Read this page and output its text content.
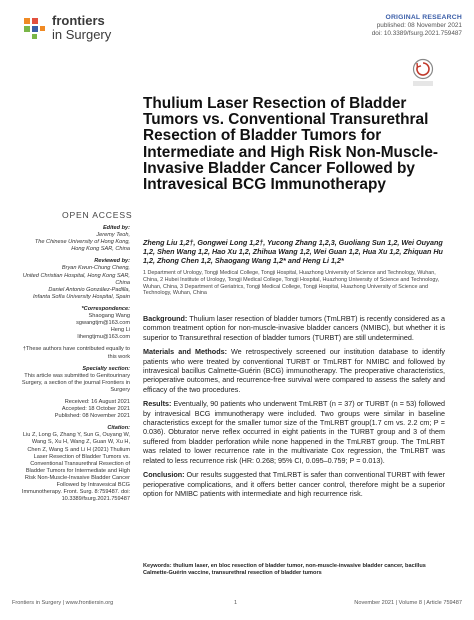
frontiers
in Surgery
ORIGINAL RESEARCH
published: 08 November 2021
doi: 10.3389/fsurg.2021.759487
Thulium Laser Resection of Bladder Tumors vs. Conventional Transurethral Resection of Bladder Tumors for Intermediate and High Risk Non-Muscle-Invasive Bladder Cancer Followed by Intravesical BCG Immunotherapy
OPEN ACCESS
Edited by:
Jeremy Teoh,
The Chinese University of Hong Kong, Hong Kong SAR, China
Reviewed by:
Bryan Kwun-Chung Cheng,
United Christian Hospital, Hong Kong SAR, China
Daniel Antonio González-Padilla,
Infanta Sofía University Hospital, Spain
*Correspondence:
Shaogang Wang
sgwangtjm@163.com
Heng Li
lihengtjmu@163.com
†These authors have contributed equally to this work
Specialty section:
This article was submitted to Genitourinary Surgery, a section of the journal Frontiers in Surgery
Received: 16 August 2021
Accepted: 18 October 2021
Published: 08 November 2021
Citation:
Liu Z, Long G, Zhang Y, Sun G, Ouyang W, Wang S, Xu H, Wang Z, Guan W, Xu H, Chen Z, Wang S and Li H (2021) Thulium Laser Resection of Bladder Tumors vs. Conventional Transurethral Resection of Bladder Tumors for Intermediate and High Risk Non-Muscle-Invasive Bladder Cancer Followed by Intravesical BCG Immunotherapy. Front. Surg. 8:759487. doi: 10.3389/fsurg.2021.759487
Zheng Liu 1,2†, Gongwei Long 1,2†, Yucong Zhang 1,2,3, Guoliang Sun 1,2, Wei Ouyang 1,2, Shen Wang 1,2, Hao Xu 1,2, Zhihua Wang 1,2, Wei Guan 1,2, Hua Xu 1,2, Zhiquan Hu 1,2, Zhong Chen 1,2, Shaogang Wang 1,2* and Heng Li 1,2*
1 Department of Urology, Tongji Medical College, Tongji Hospital, Huazhong University of Science and Technology, Wuhan, China, 2 Hubei Institute of Urology, Tongji Medical College, Tongji Hospital, Huazhong University of Science and Technology, Wuhan, China, 3 Department of Geriatrics, Tongji Medical College, Tongji Hospital, Huazhong University of Science and Technology, Wuhan, China

Background: Thulium laser resection of bladder tumors (TmLRBT) is recently considered as a common treatment option for non-muscle-invasive bladder cancers (NMIBC), but whether it is superior to Transurethral resection of bladder tumors (TURBT) are still undetermined.

Materials and Methods: We retrospectively screened our institution database to identify patients who were treated by conventional TURBT or TmLRBT for NMIBC and followed by intravesical bacillus Calmette-Guérin (BCG) immunotherapy. The preoperative characteristics, perioperative outcomes, and recurrence-free survival were compared to assess the safety and efficacy of the two procedures.

Results: Eventually, 90 patients who underwent TmLRBT (n = 37) or TURBT (n = 53) followed by intravesical BCG immunotherapy were included. Two groups were similar in baseline characteristics except for the smaller tumor size of the TmLRBT group(1.7 cm vs. 2.2 cm; P = 0.036). Obturator nerve reflex occurred in eight patients in the TURBT group and 3 of them suffered from bladder perforation while none happened in the TmLRBT group. The TmLRBT was related to lower recurrence rate in the multivariate Cox regression, the TmLRBT was related to less recurrence risk (HR: 0.268; 95% CI, 0.095–0.759; P = 0.013).

Conclusion: Our results suggested that TmLRBT is safer than conventional TURBT with fewer perioperative complications, and it offers better cancer control, therefore might be a superior option for NMIBC patients with intermediate and high recurrence risk.

Keywords: thulium laser, en bloc resection of bladder tumor, non-muscle-invasive bladder cancer, bacillus Calmette-Guérin vaccine, transurethral resection of bladder tumors
Frontiers in Surgery | www.frontiersin.org	1	November 2021 | Volume 8 | Article 759487
